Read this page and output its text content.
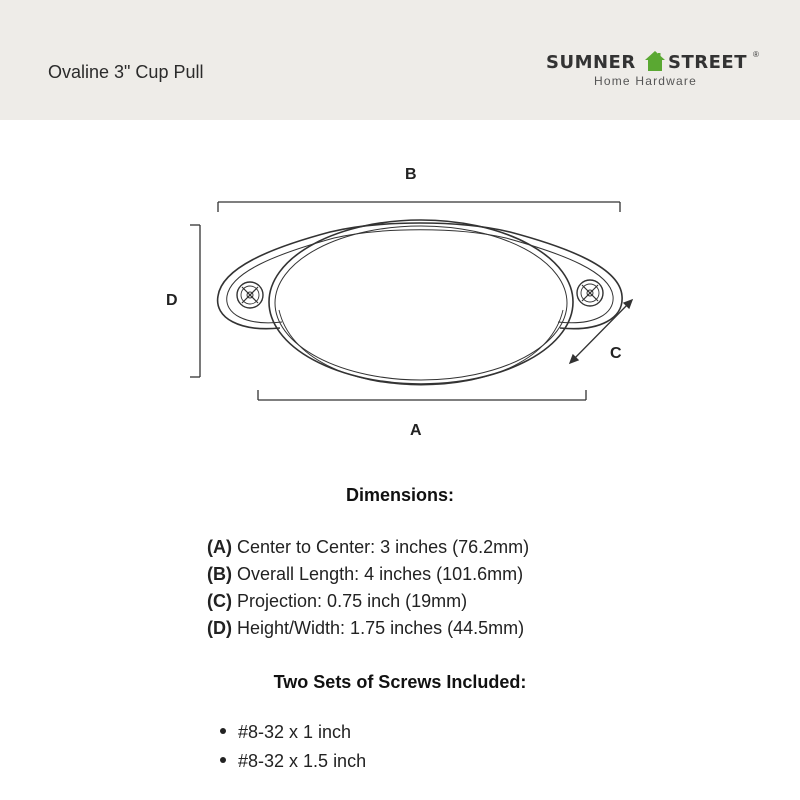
Ovaline 3" Cup Pull	SUMNER STREET ®
Home Hardware
B
D
C
A
Dimensions:
(A) Center to Center: 3 inches (76.2mm)
(B) Overall Length: 4 inches (101.6mm)
(C) Projection: 0.75 inch (19mm)
(D) Height/Width: 1.75 inches (44.5mm)
Two Sets of Screws Included:
#8-32 x 1 inch
#8-32 x 1.5 inch
